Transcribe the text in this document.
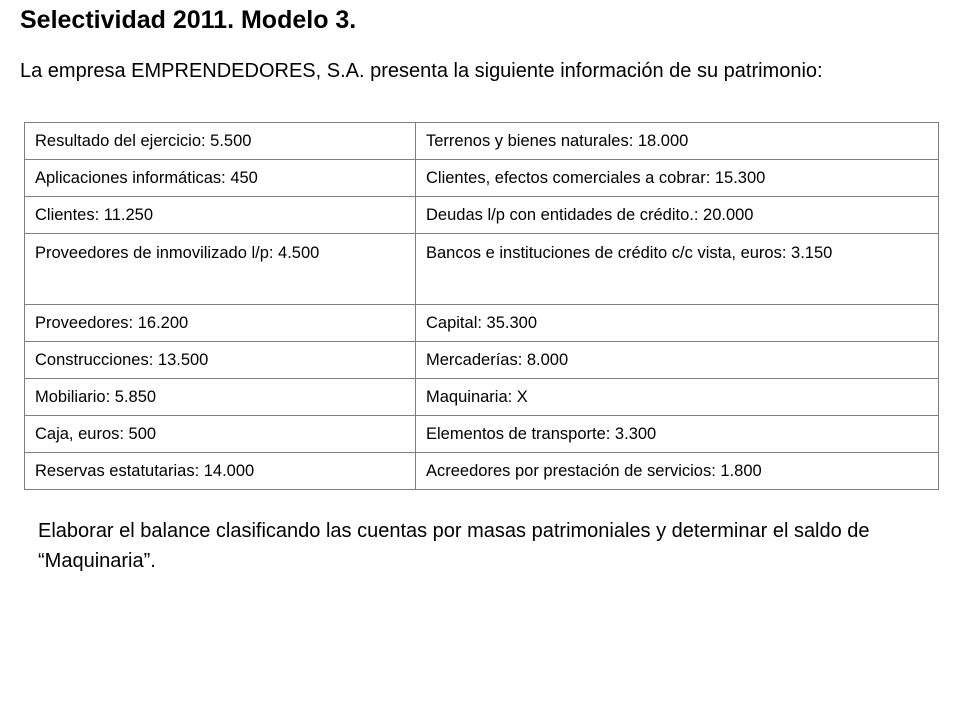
Selectividad 2011. Modelo 3.
La empresa EMPRENDEDORES, S.A. presenta la siguiente información de su patrimonio:
Resultado del ejercicio: 5.500	Terrenos y bienes naturales: 18.000
Aplicaciones informáticas: 450	Clientes, efectos comerciales a cobrar: 15.300
Clientes: 11.250	Deudas l/p con entidades de crédito.: 20.000
Proveedores de inmovilizado l/p: 4.500	Bancos e instituciones de crédito c/c vista, euros: 3.150
Proveedores: 16.200	Capital: 35.300
Construcciones: 13.500	Mercaderías: 8.000
Mobiliario: 5.850	Maquinaria: X
Caja, euros: 500	Elementos de transporte: 3.300
Reservas estatutarias: 14.000	Acreedores por prestación de servicios: 1.800
Elaborar el balance clasificando las cuentas por masas patrimoniales y determinar el saldo de “Maquinaria”.
